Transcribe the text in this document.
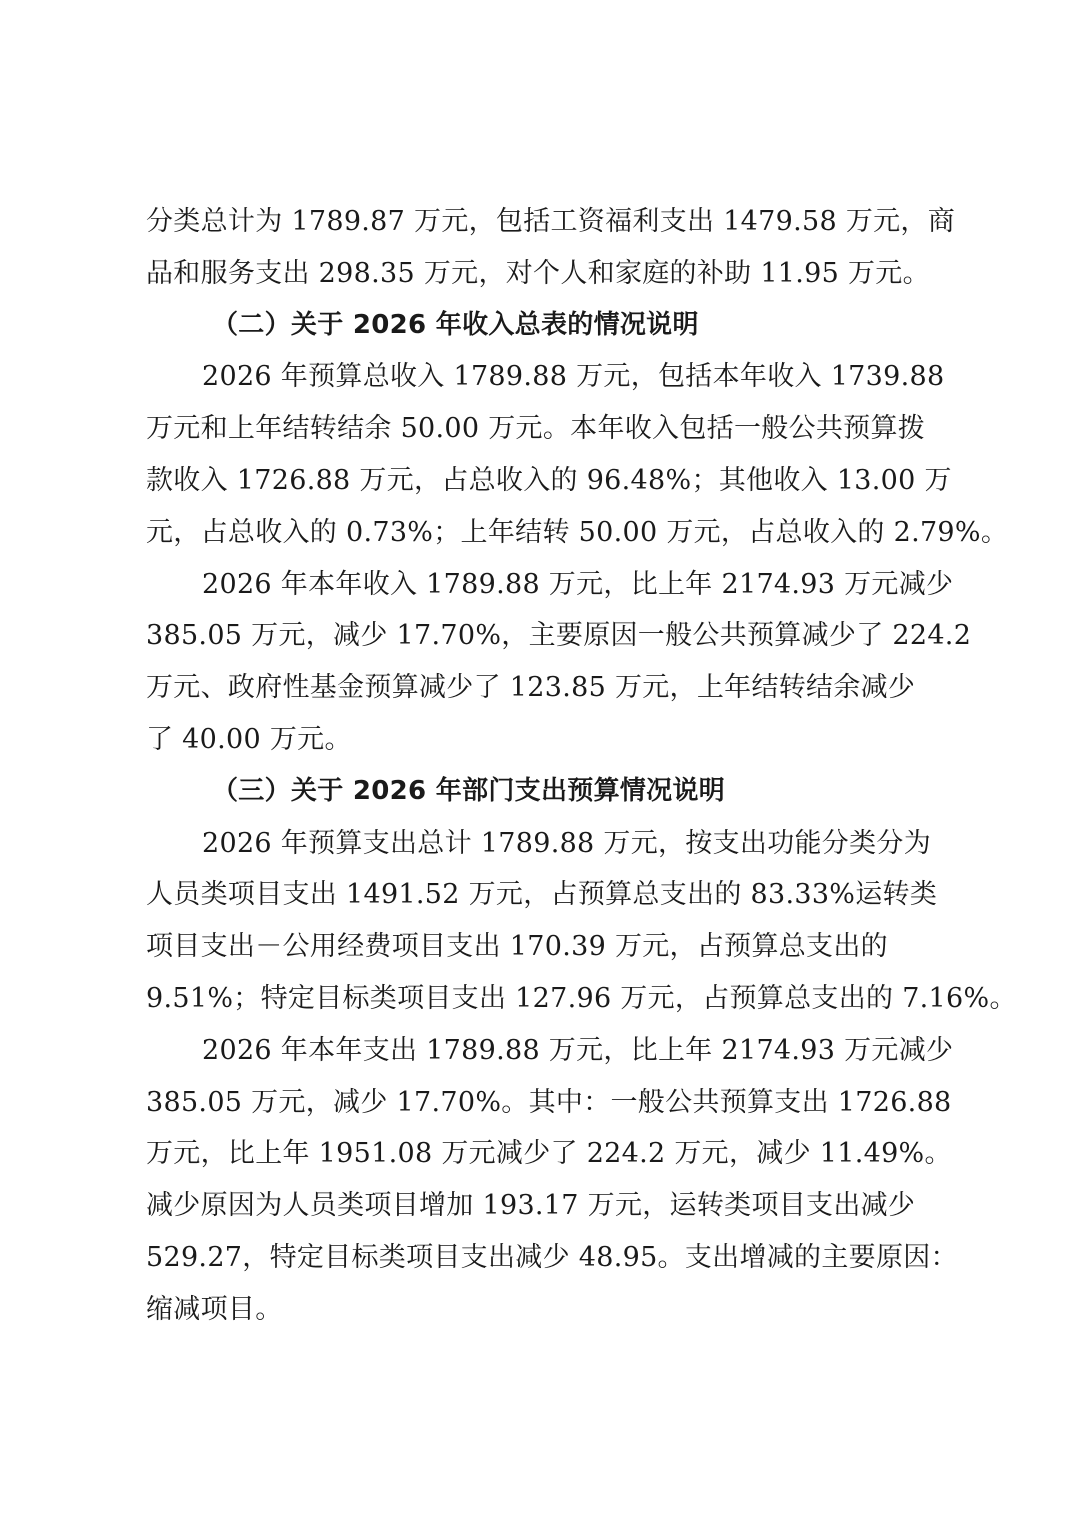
分类总计为 1789.87 万元，包括工资福利支出 1479.58 万元，商
品和服务支出 298.35 万元，对个人和家庭的补助 11.95 万元。
（二）关于 2026 年收入总表的情况说明
2026 年预算总收入 1789.88 万元，包括本年收入 1739.88
万元和上年结转结余 50.00 万元。本年收入包括一般公共预算拨
款收入 1726.88 万元，占总收入的 96.48%；其他收入 13.00 万
元，占总收入的 0.73%；上年结转 50.00 万元，占总收入的 2.79%。
2026 年本年收入 1789.88 万元，比上年 2174.93 万元减少
385.05 万元，减少 17.70%，主要原因一般公共预算减少了 224.2
万元、政府性基金预算减少了 123.85 万元，上年结转结余减少
了 40.00 万元。
（三）关于 2026 年部门支出预算情况说明
2026 年预算支出总计 1789.88 万元，按支出功能分类分为
人员类项目支出 1491.52 万元，占预算总支出的 83.33%运转类
项目支出－公用经费项目支出 170.39 万元，占预算总支出的
9.51%；特定目标类项目支出 127.96 万元，占预算总支出的 7.16%。
2026 年本年支出 1789.88 万元，比上年 2174.93 万元减少
385.05 万元，减少 17.70%。其中：一般公共预算支出 1726.88
万元，比上年 1951.08 万元减少了 224.2 万元，减少 11.49%。
减少原因为人员类项目增加 193.17 万元，运转类项目支出减少
529.27，特定目标类项目支出减少 48.95。支出增减的主要原因：
缩减项目。
